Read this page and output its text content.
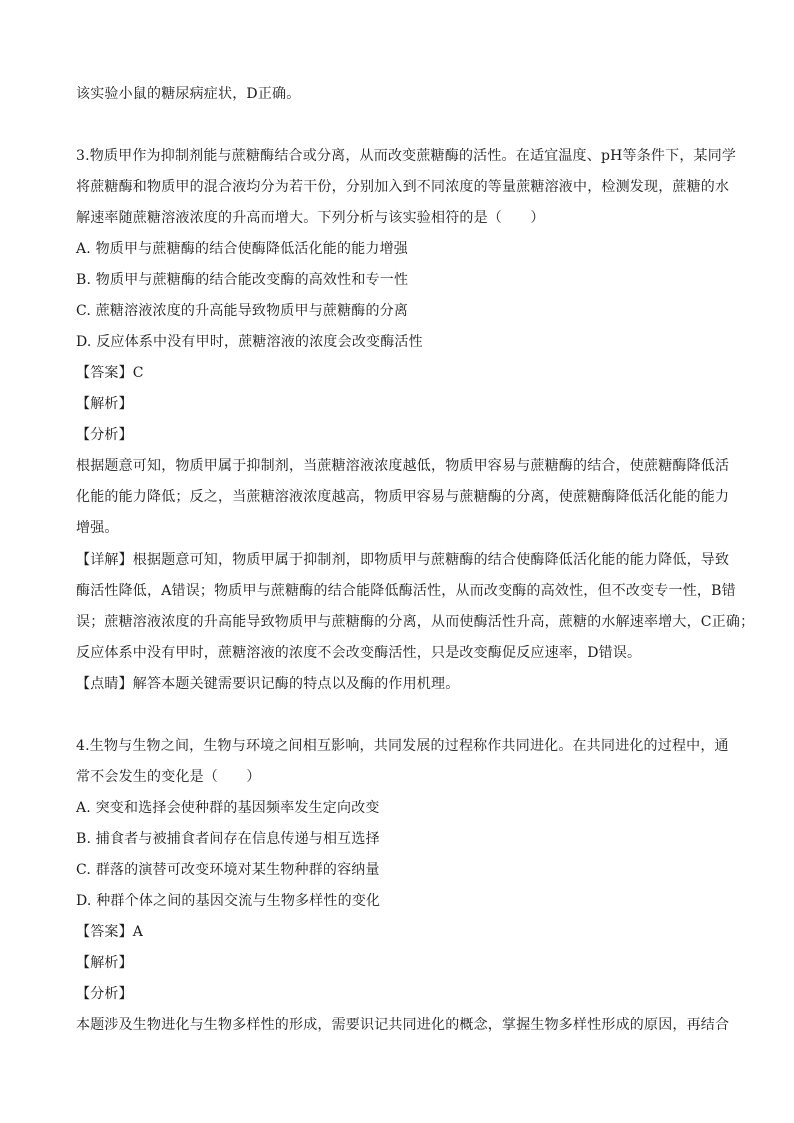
该实验小鼠的糖尿病症状，D正确。
3.物质甲作为抑制剂能与蔗糖酶结合或分离，从而改变蔗糖酶的活性。在适宜温度、pH等条件下，某同学
将蔗糖酶和物质甲的混合液均分为若干份，分别加入到不同浓度的等量蔗糖溶液中，检测发现，蔗糖的水
解速率随蔗糖溶液浓度的升高而增大。下列分析与该实验相符的是（　　）
A. 物质甲与蔗糖酶的结合使酶降低活化能的能力增强
B. 物质甲与蔗糖酶的结合能改变酶的高效性和专一性
C. 蔗糖溶液浓度的升高能导致物质甲与蔗糖酶的分离
D. 反应体系中没有甲时，蔗糖溶液的浓度会改变酶活性
【答案】C
【解析】
【分析】
根据题意可知，物质甲属于抑制剂，当蔗糖溶液浓度越低，物质甲容易与蔗糖酶的结合，使蔗糖酶降低活
化能的能力降低；反之，当蔗糖溶液浓度越高，物质甲容易与蔗糖酶的分离，使蔗糖酶降低活化能的能力
增强。
【详解】根据题意可知，物质甲属于抑制剂，即物质甲与蔗糖酶的结合使酶降低活化能的能力降低，导致
酶活性降低，A错误；物质甲与蔗糖酶的结合能降低酶活性，从而改变酶的高效性，但不改变专一性，B错
误；蔗糖溶液浓度的升高能导致物质甲与蔗糖酶的分离，从而使酶活性升高，蔗糖的水解速率增大，C正确；
反应体系中没有甲时，蔗糖溶液的浓度不会改变酶活性，只是改变酶促反应速率，D错误。
【点睛】解答本题关键需要识记酶的特点以及酶的作用机理。
4.生物与生物之间，生物与环境之间相互影响，共同发展的过程称作共同进化。在共同进化的过程中，通
常不会发生的变化是（　　）
A. 突变和选择会使种群的基因频率发生定向改变
B. 捕食者与被捕食者间存在信息传递与相互选择
C. 群落的演替可改变环境对某生物种群的容纳量
D. 种群个体之间的基因交流与生物多样性的变化
【答案】A
【解析】
【分析】
本题涉及生物进化与生物多样性的形成，需要识记共同进化的概念，掌握生物多样性形成的原因，再结合
